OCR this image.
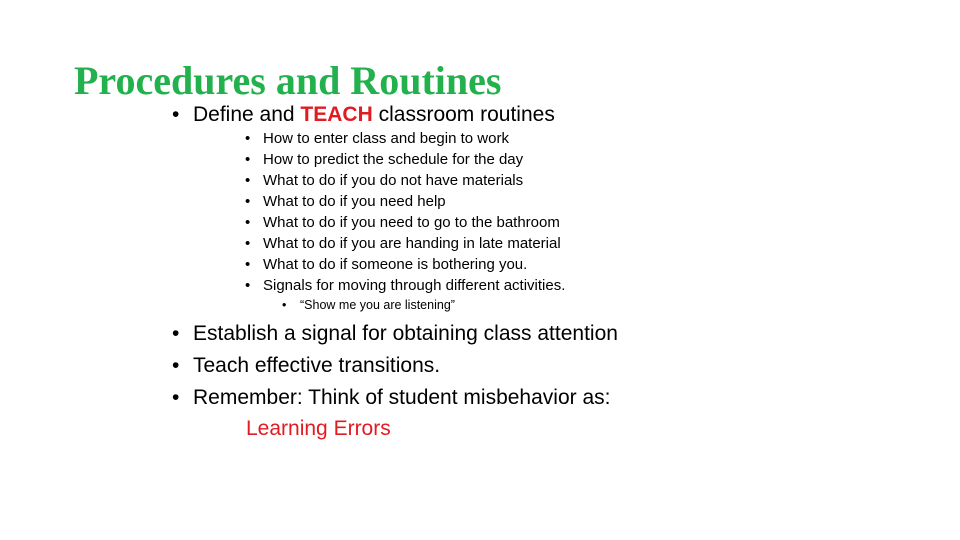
Procedures and Routines
• Define and TEACH classroom routines
• How to enter class and begin to work
• How to predict the schedule for the day
• What to do if you do not have materials
• What to do if you need help
• What to do if you need to go to the bathroom
• What to do if you are handing in late material
• What to do if someone is bothering you.
• Signals for moving through different activities.
• “Show me you are listening”
• Establish a signal for obtaining class attention
• Teach effective transitions.
• Remember: Think of student misbehavior as:
Learning Errors
